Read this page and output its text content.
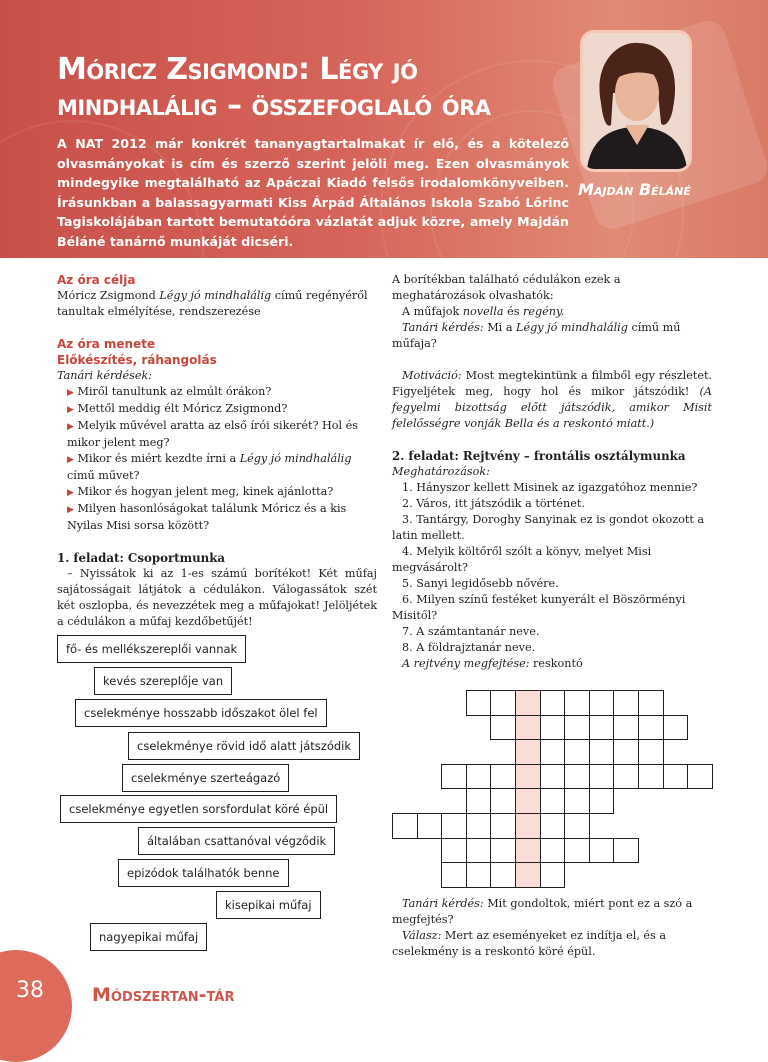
Móricz Zsigmond: Légy jó mindhalálig – összefoglaló óra
A NAT 2012 már konkrét tananyagtartalmakat ír elő, és a kötelező olvasmányokat is cím és szerző szerint jelöli meg. Ezen olvasmányok mindegyike megtalálható az Apáczai Kiadó felsős irodalomkönyveiben. Írásunkban a balassagyarmati Kiss Árpád Általános Iskola Szabó Lőrinc Tagiskolájában tartott bemutatóóra vázlatát adjuk közre, amely Majdán Béláné tanárnő munkáját dicséri.
Majdán Béláné
Az óra célja

Móricz Zsigmond Légy jó mindhalálig című regényéről tanultak elmélyítése, rendszerezése

Az óra menete
Előkészítés, ráhangolás

Tanári kérdések:

▶ Miről tanultunk az elmúlt órákon?

▶ Mettől meddig élt Móricz Zsigmond?

▶ Melyik művével aratta az első írói sikerét? Hol és mikor jelent meg?

▶ Mikor és miért kezdte írni a Légy jó mindhalálig című művet?

▶ Mikor és hogyan jelent meg, kinek ajánlotta?

▶ Milyen hasonlóságokat találunk Móricz és a kis Nyilas Misi sorsa között?

1. feladat: Csoportmunka

– Nyissátok ki az 1-es számú borítékot! Két műfaj sajátosságait látjátok a cédulákon. Válogassátok szét két oszlopba, és nevezzétek meg a műfajokat! Jelöljétek a cédulákon a műfaj kezdőbetűjét!

fő- és mellékszereplői vannak
kevés szereplője van
cselekménye hosszabb időszakot ölel fel
cselekménye rövid idő alatt játszódik
cselekménye szerteágazó
cselekménye egyetlen sorsfordulat köré épül
általában csattanóval végződik
epizódok találhatók benne
kisepikai műfaj
nagyepikai műfaj

A borítékban található cédulákon ezek a meghatározások olvashatók:

A műfajok novella és regény.

Tanári kérdés: Mi a Légy jó mindhalálig című mű műfaja?

Motiváció: Most megtekintünk a filmből egy részletet. Figyeljétek meg, hogy hol és mikor játszódik! (A fegyelmi bizottság előtt játszódik, amikor Misit felelősségre vonják Bella és a reskontó miatt.)

2. feladat: Rejtvény – frontális osztálymunka

Meghatározások:

1. Hányszor kellett Misinek az igazgatóhoz mennie?

2. Város, itt játszódik a történet.

3. Tantárgy, Doroghy Sanyinak ez is gondot okozott a latin mellett.

4. Melyik költőről szólt a könyv, melyet Misi megvásárolt?

5. Sanyi legidősebb nővére.

6. Milyen színű festéket kunyerált el Böszörményi Misitől?

7. A számtantanár neve.

8. A földrajztanár neve.

A rejtvény megfejtése: reskontó

Tanári kérdés: Mit gondoltok, miért pont ez a szó a megfejtés?

Válasz: Mert az eseményeket ez indítja el, és a cselekmény is a reskontó köré épül.

38	Módszertan-tár
